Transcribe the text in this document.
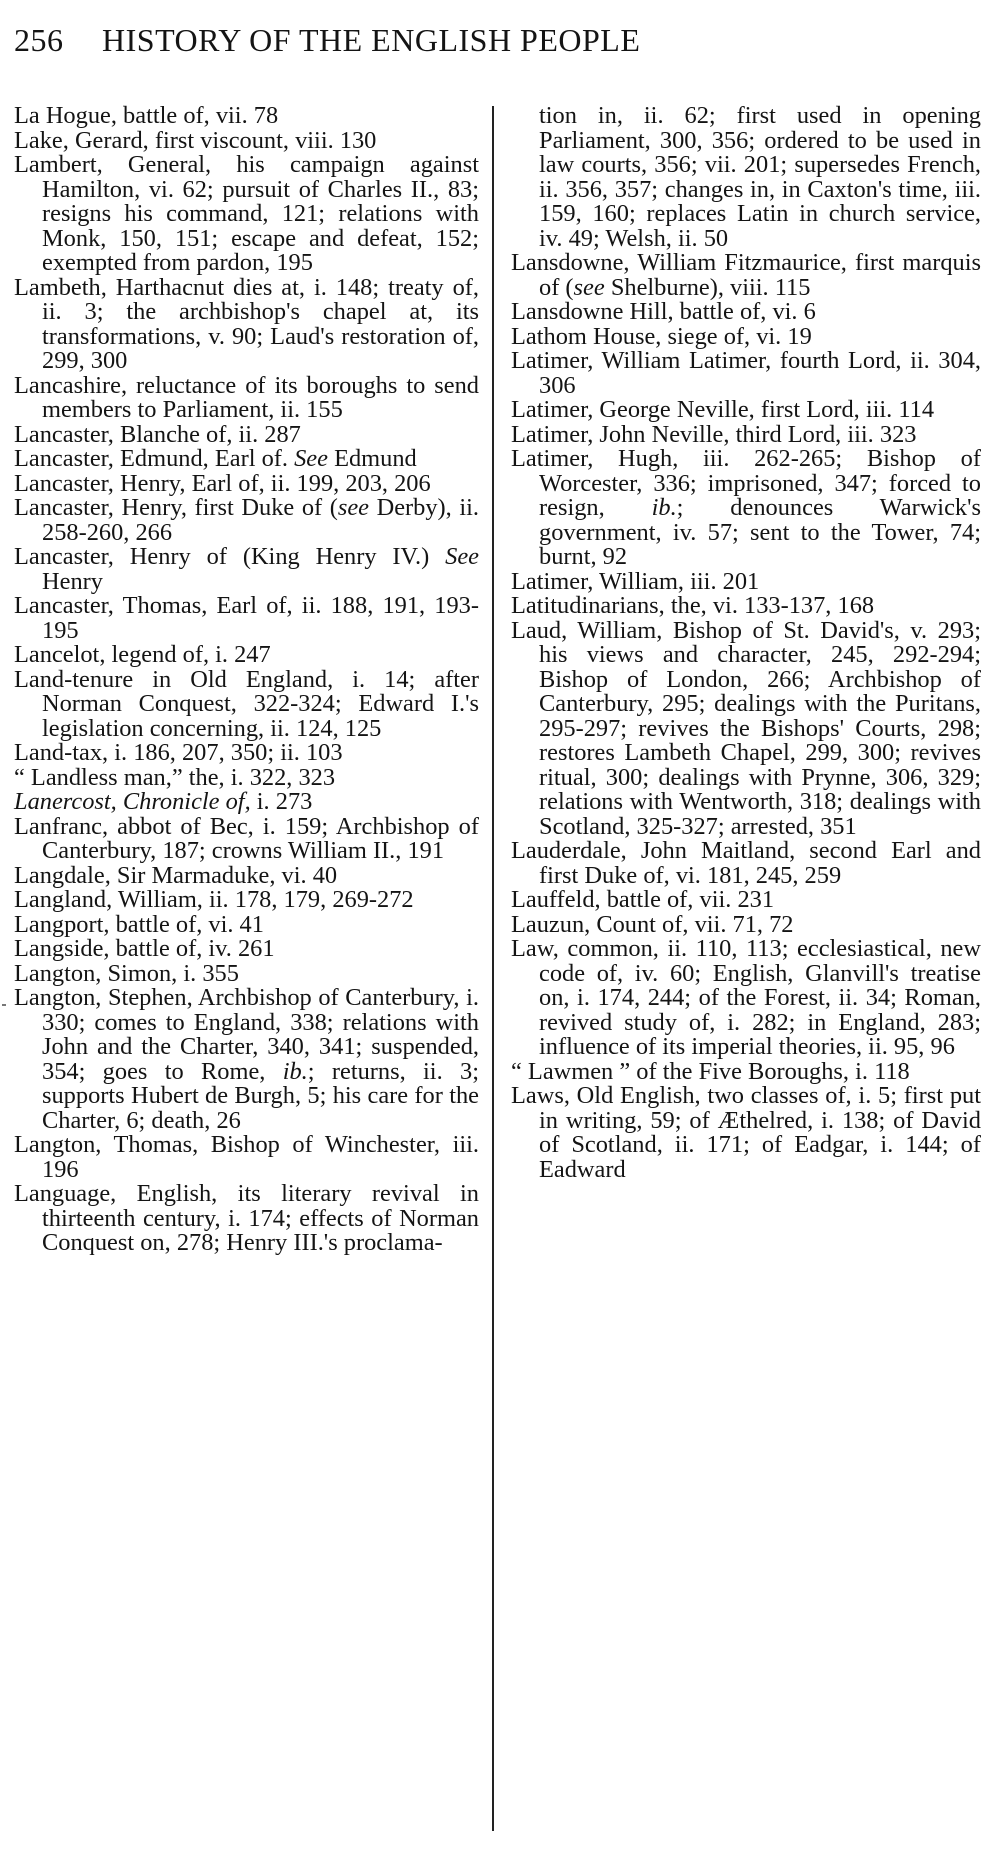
256 HISTORY OF THE ENGLISH PEOPLE

La Hogue, battle of, vii. 78

Lake, Gerard, first viscount, viii. 130

Lambert, General, his campaign against Hamilton, vi. 62; pursuit of Charles II., 83; resigns his command, 121; relations with Monk, 150, 151; escape and defeat, 152; exempted from pardon, 195

Lambeth, Harthacnut dies at, i. 148; treaty of, ii. 3; the archbishop's chapel at, its transformations, v. 90; Laud's restoration of, 299, 300

Lancashire, reluctance of its boroughs to send members to Parliament, ii. 155

Lancaster, Blanche of, ii. 287

Lancaster, Edmund, Earl of. See Edmund

Lancaster, Henry, Earl of, ii. 199, 203, 206

Lancaster, Henry, first Duke of (see Derby), ii. 258-260, 266

Lancaster, Henry of (King Henry IV.) See Henry

Lancaster, Thomas, Earl of, ii. 188, 191, 193-195

Lancelot, legend of, i. 247

Land-tenure in Old England, i. 14; after Norman Conquest, 322-324; Edward I.'s legislation concerning, ii. 124, 125

Land-tax, i. 186, 207, 350; ii. 103

“ Landless man,” the, i. 322, 323

Lanercost, Chronicle of, i. 273

Lanfranc, abbot of Bec, i. 159; Archbishop of Canterbury, 187; crowns William II., 191

Langdale, Sir Marmaduke, vi. 40

Langland, William, ii. 178, 179, 269-272

Langport, battle of, vi. 41

Langside, battle of, iv. 261

Langton, Simon, i. 355

Langton, Stephen, Archbishop of Canterbury, i. 330; comes to England, 338; relations with John and the Charter, 340, 341; suspended, 354; goes to Rome, ib.; returns, ii. 3; supports Hubert de Burgh, 5; his care for the Charter, 6; death, 26

Langton, Thomas, Bishop of Winchester, iii. 196

Language, English, its literary revival in thirteenth century, i. 174; effects of Norman Conquest on, 278; Henry III.'s proclama-

tion in, ii. 62; first used in opening Parliament, 300, 356; ordered to be used in law courts, 356; vii. 201; supersedes French, ii. 356, 357; changes in, in Caxton's time, iii. 159, 160; replaces Latin in church service, iv. 49; Welsh, ii. 50

Lansdowne, William Fitzmaurice, first marquis of (see Shelburne), viii. 115

Lansdowne Hill, battle of, vi. 6

Lathom House, siege of, vi. 19

Latimer, William Latimer, fourth Lord, ii. 304, 306

Latimer, George Neville, first Lord, iii. 114

Latimer, John Neville, third Lord, iii. 323

Latimer, Hugh, iii. 262-265; Bishop of Worcester, 336; imprisoned, 347; forced to resign, ib.; denounces Warwick's government, iv. 57; sent to the Tower, 74; burnt, 92

Latimer, William, iii. 201

Latitudinarians, the, vi. 133-137, 168

Laud, William, Bishop of St. David's, v. 293; his views and character, 245, 292-294; Bishop of London, 266; Archbishop of Canterbury, 295; dealings with the Puritans, 295-297; revives the Bishops' Courts, 298; restores Lambeth Chapel, 299, 300; revives ritual, 300; dealings with Prynne, 306, 329; relations with Wentworth, 318; dealings with Scotland, 325-327; arrested, 351

Lauderdale, John Maitland, second Earl and first Duke of, vi. 181, 245, 259

Lauffeld, battle of, vii. 231

Lauzun, Count of, vii. 71, 72

Law, common, ii. 110, 113; ecclesiastical, new code of, iv. 60; English, Glanvill's treatise on, i. 174, 244; of the Forest, ii. 34; Roman, revived study of, i. 282; in England, 283; influence of its imperial theories, ii. 95, 96

“ Lawmen ” of the Five Boroughs, i. 118

Laws, Old English, two classes of, i. 5; first put in writing, 59; of Æthelred, i. 138; of David of Scotland, ii. 171; of Eadgar, i. 144; of Eadward
